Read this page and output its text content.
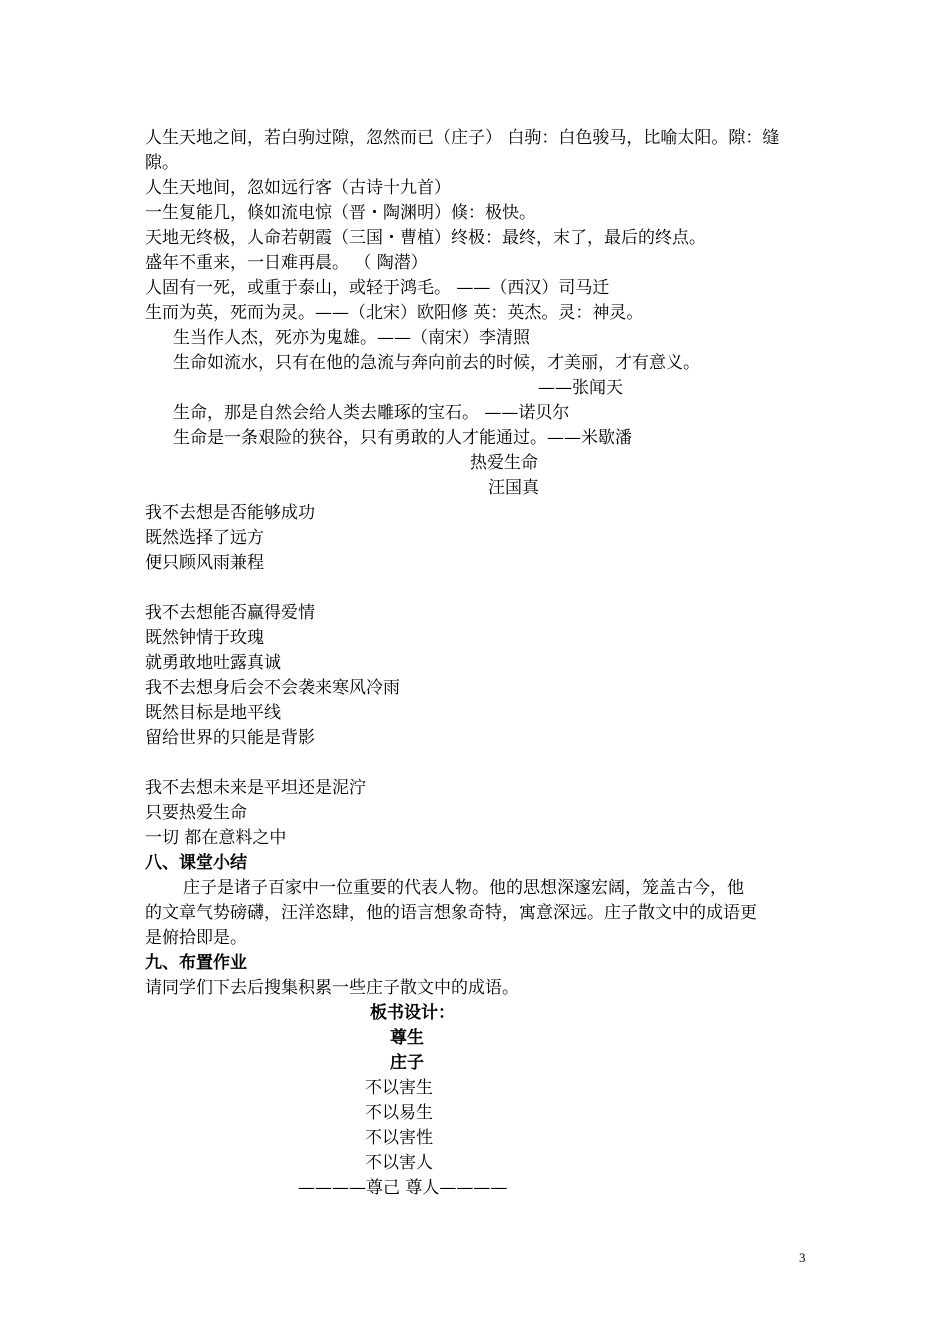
人生天地之间，若白驹过隙，忽然而已（庄子） 白驹：白色骏马，比喻太阳。隙：缝
隙。
人生天地间，忽如远行客（古诗十九首）
一生复能几，倏如流电惊（晋・陶渊明）倏：极快。
天地无终极，人命若朝霞（三国・曹植）终极：最终，末了，最后的终点。
盛年不重来，一日难再晨。 （ 陶潜）
人固有一死，或重于泰山，或轻于鸿毛。 ——（西汉）司马迁
生而为英，死而为灵。——（北宋）欧阳修 英：英杰。灵：神灵。
生当作人杰，死亦为鬼雄。——（南宋）李清照
生命如流水，只有在他的急流与奔向前去的时候，才美丽，才有意义。
——张闻天
生命，那是自然会给人类去雕琢的宝石。 ——诺贝尔
生命是一条艰险的狭谷，只有勇敢的人才能通过。——米歇潘
热爱生命
汪国真
我不去想是否能够成功
既然选择了远方
便只顾风雨兼程
我不去想能否赢得爱情
既然钟情于玫瑰
就勇敢地吐露真诚
我不去想身后会不会袭来寒风冷雨
既然目标是地平线
留给世界的只能是背影
我不去想未来是平坦还是泥泞
只要热爱生命
一切 都在意料之中
八、课堂小结
庄子是诸子百家中一位重要的代表人物。他的思想深邃宏阔，笼盖古今，他
的文章气势磅礴，汪洋恣肆，他的语言想象奇特，寓意深远。庄子散文中的成语更
是俯拾即是。
九、布置作业
请同学们下去后搜集积累一些庄子散文中的成语。
板书设计：
尊生
庄子
不以害生
不以易生
不以害性
不以害人
————尊己 尊人————
3
